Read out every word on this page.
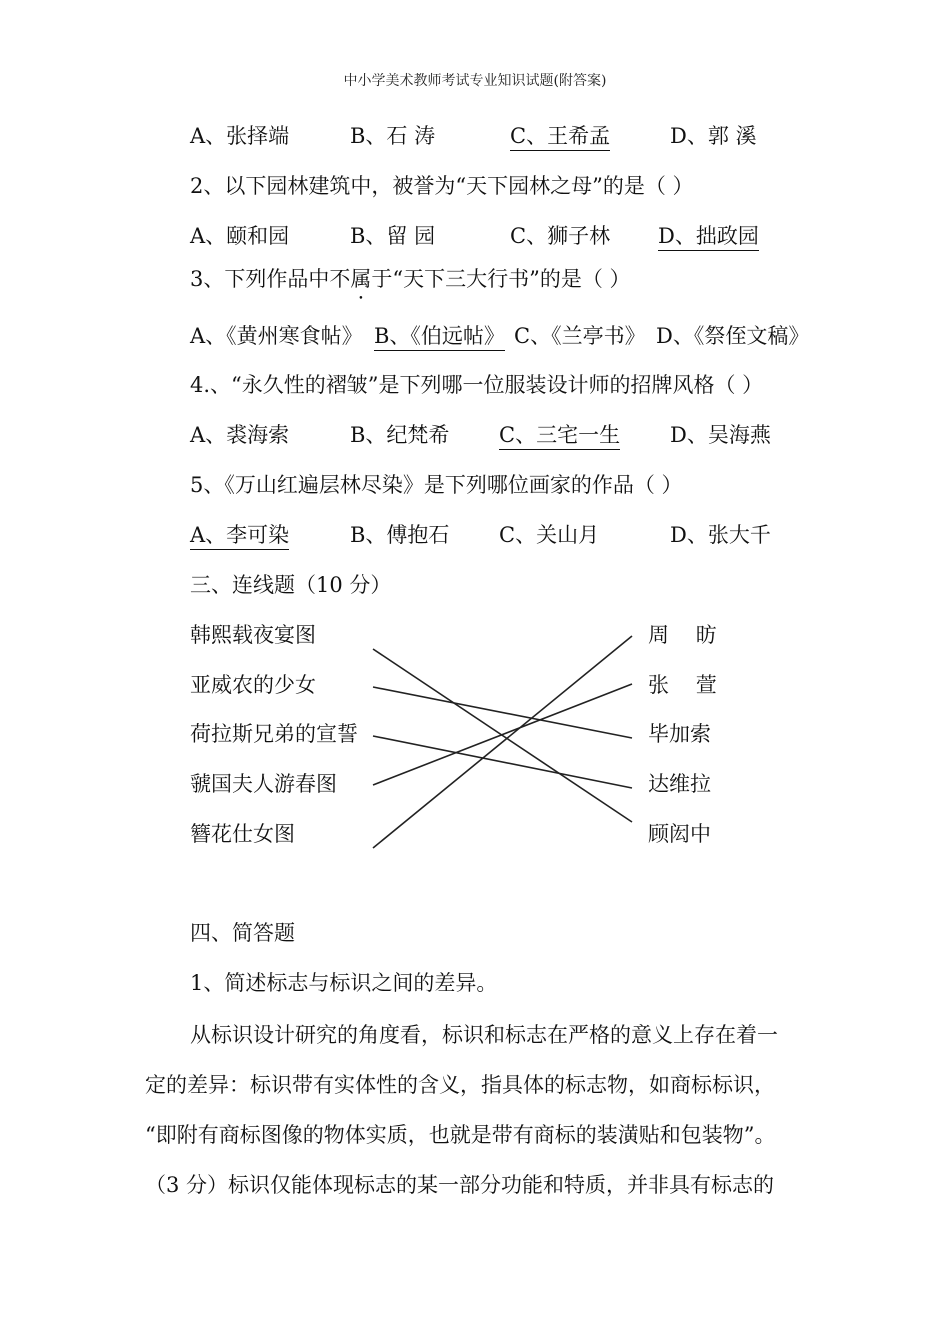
中小学美术教师考试专业知识试题(附答案)
A、张择端	B、石 涛	C、王希孟	D、郭 溪
2、以下园林建筑中，被誉为“天下园林之母”的是（ ）
A、颐和园	B、留 园	C、狮子林 D、拙政园
3、下列作品中不属于“天下三大行书”的是（ ）
A、《黄州寒食帖》 B、《伯远帖》 C、《兰亭书》 D、《祭侄文稿》
4.、“永久性的褶皱”是下列哪一位服装设计师的招牌风格（ ）
A、裘海索	B、纪梵希 C、三宅一生 D、吴海燕
5、《万山红遍层林尽染》是下列哪位画家的作品（ ）
A、李可染	B、傅抱石 C、关山月	D、张大千
三、连线题（10 分）
韩熙载夜宴图
亚威农的少女
荷拉斯兄弟的宣誓
虢国夫人游春图
簪花仕女图
周    昉
张    萱
毕加索
达维拉
顾闳中
四、简答题
1、简述标志与标识之间的差异。
从标识设计研究的角度看，标识和标志在严格的意义上存在着一
定的差异：标识带有实体性的含义，指具体的标志物，如商标标识，
“即附有商标图像的物体实质，也就是带有商标的装潢贴和包装物”。
（3 分）标识仅能体现标志的某一部分功能和特质，并非具有标志的
